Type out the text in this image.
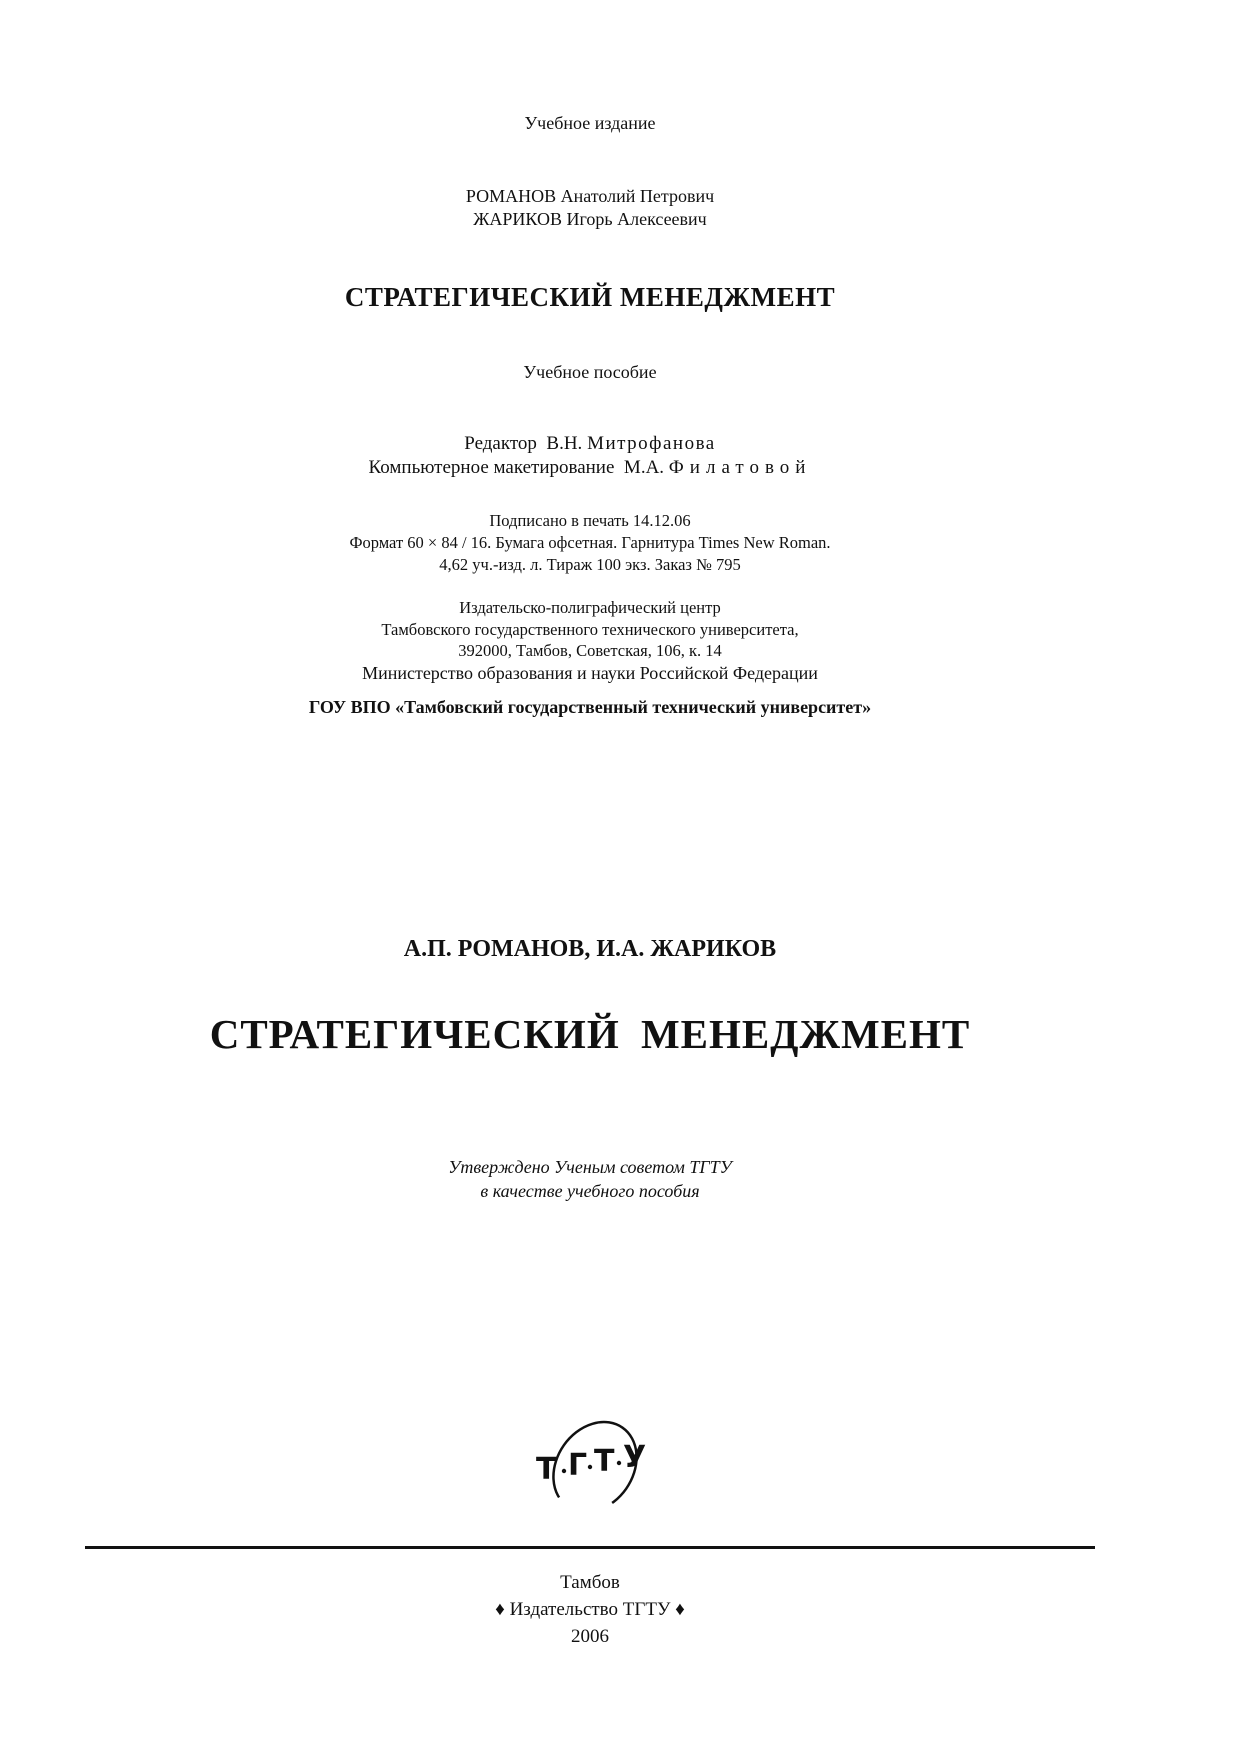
Учебное издание
РОМАНОВ Анатолий Петрович
ЖАРИКОВ Игорь Алексеевич
СТРАТЕГИЧЕСКИЙ МЕНЕДЖМЕНТ
Учебное пособие
Редактор В.Н. Митрофанова
Компьютерное макетирование М.А. Филатовой
Подписано в печать 14.12.06
Формат 60 × 84 / 16. Бумага офсетная. Гарнитура Times New Roman.
4,62 уч.-изд. л. Тираж 100 экз. Заказ № 795
Издательско-полиграфический центр
Тамбовского государственного технического университета,
392000, Тамбов, Советская, 106, к. 14
Министерство образования и науки Российской Федерации
ГОУ ВПО «Тамбовский государственный технический университет»
А.П. РОМАНОВ, И.А. ЖАРИКОВ
СТРАТЕГИЧЕСКИЙ МЕНЕДЖМЕНТ
Утверждено Ученым советом ТГТУ
в качестве учебного пособия
Т Г Т У
Тамбов
♦ Издательство ТГТУ ♦
2006
